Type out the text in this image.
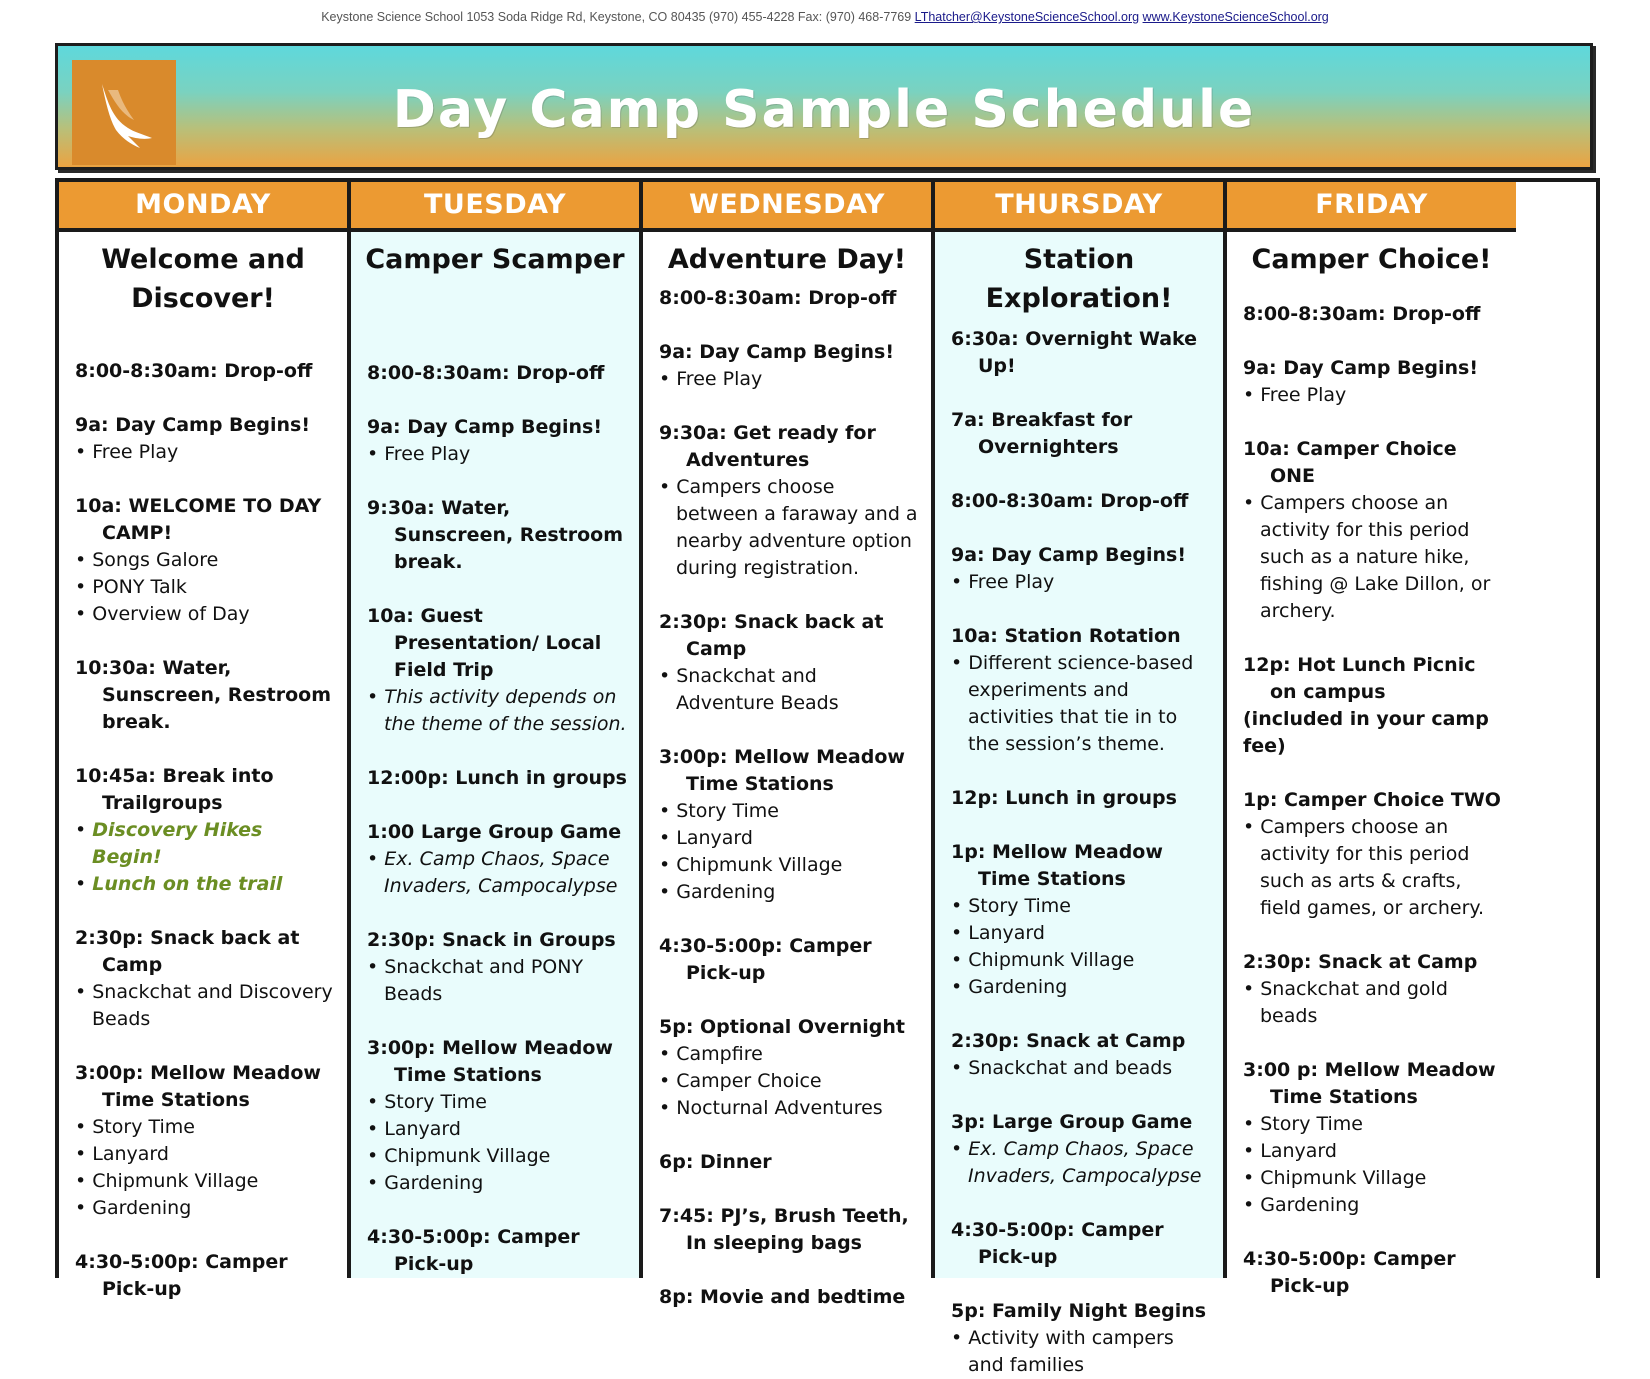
Keystone Science School 1053 Soda Ridge Rd, Keystone, CO 80435 (970) 455-4228 Fax: (970) 468-7769 LThatcher@KeystoneScienceSchool.org www.KeystoneScienceSchool.org
Day Camp Sample Schedule
MONDAY
Welcome and Discover!

8:00-8:30am: Drop-off

9a: Day Camp Begins!

• Free Play

10a: WELCOME TO DAY CAMP!

• Songs Galore

• PONY Talk

• Overview of Day

10:30a: Water, Sunscreen, Restroom break.

10:45a: Break into Trailgroups

• Discovery Hikes Begin!

• Lunch on the trail

2:30p: Snack back at Camp

• Snackchat and Discovery Beads

3:00p: Mellow Meadow Time Stations

• Story Time

• Lanyard

• Chipmunk Village

• Gardening

4:30-5:00p: Camper Pick-up

TUESDAY
Camper Scamper

8:00-8:30am: Drop-off

9a: Day Camp Begins!

• Free Play

9:30a: Water, Sunscreen, Restroom break.

10a: Guest Presentation/ Local Field Trip

• This activity depends on the theme of the session.

12:00p: Lunch in groups

1:00 Large Group Game

• Ex. Camp Chaos, Space Invaders, Campocalypse

2:30p: Snack in Groups

• Snackchat and PONY Beads

3:00p: Mellow Meadow Time Stations

• Story Time

• Lanyard

• Chipmunk Village

• Gardening

4:30-5:00p: Camper Pick-up

WEDNESDAY
Adventure Day!

8:00-8:30am: Drop-off

9a: Day Camp Begins!

• Free Play

9:30a: Get ready for Adventures

• Campers choose between a faraway and a nearby adventure option during registration.

2:30p: Snack back at Camp

• Snackchat and Adventure Beads

3:00p: Mellow Meadow Time Stations

• Story Time

• Lanyard

• Chipmunk Village

• Gardening

4:30-5:00p: Camper Pick-up

5p: Optional Overnight

• Campfire

• Camper Choice

• Nocturnal Adventures

6p: Dinner

7:45: PJ’s, Brush Teeth, In sleeping bags

8p: Movie and bedtime

THURSDAY
Station Exploration!

6:30a: Overnight Wake Up!

7a: Breakfast for Overnighters

8:00-8:30am: Drop-off

9a: Day Camp Begins!

• Free Play

10a: Station Rotation

• Different science-based experiments and activities that tie in to the session’s theme.

12p: Lunch in groups

1p: Mellow Meadow Time Stations

• Story Time

• Lanyard

• Chipmunk Village

• Gardening

2:30p: Snack at Camp

• Snackchat and beads

3p: Large Group Game

• Ex. Camp Chaos, Space Invaders, Campocalypse

4:30-5:00p: Camper Pick-up

5p: Family Night Begins

• Activity with campers and families

FRIDAY
Camper Choice!

8:00-8:30am: Drop-off

9a: Day Camp Begins!

• Free Play

10a: Camper Choice ONE

• Campers choose an activity for this period such as a nature hike, fishing @ Lake Dillon, or archery.

12p: Hot Lunch Picnic on campus

(included in your camp fee)

1p: Camper Choice TWO

• Campers choose an activity for this period such as arts & crafts, field games, or archery.

2:30p: Snack at Camp

• Snackchat and gold beads

3:00 p: Mellow Meadow Time Stations

• Story Time

• Lanyard

• Chipmunk Village

• Gardening

4:30-5:00p: Camper Pick-up
